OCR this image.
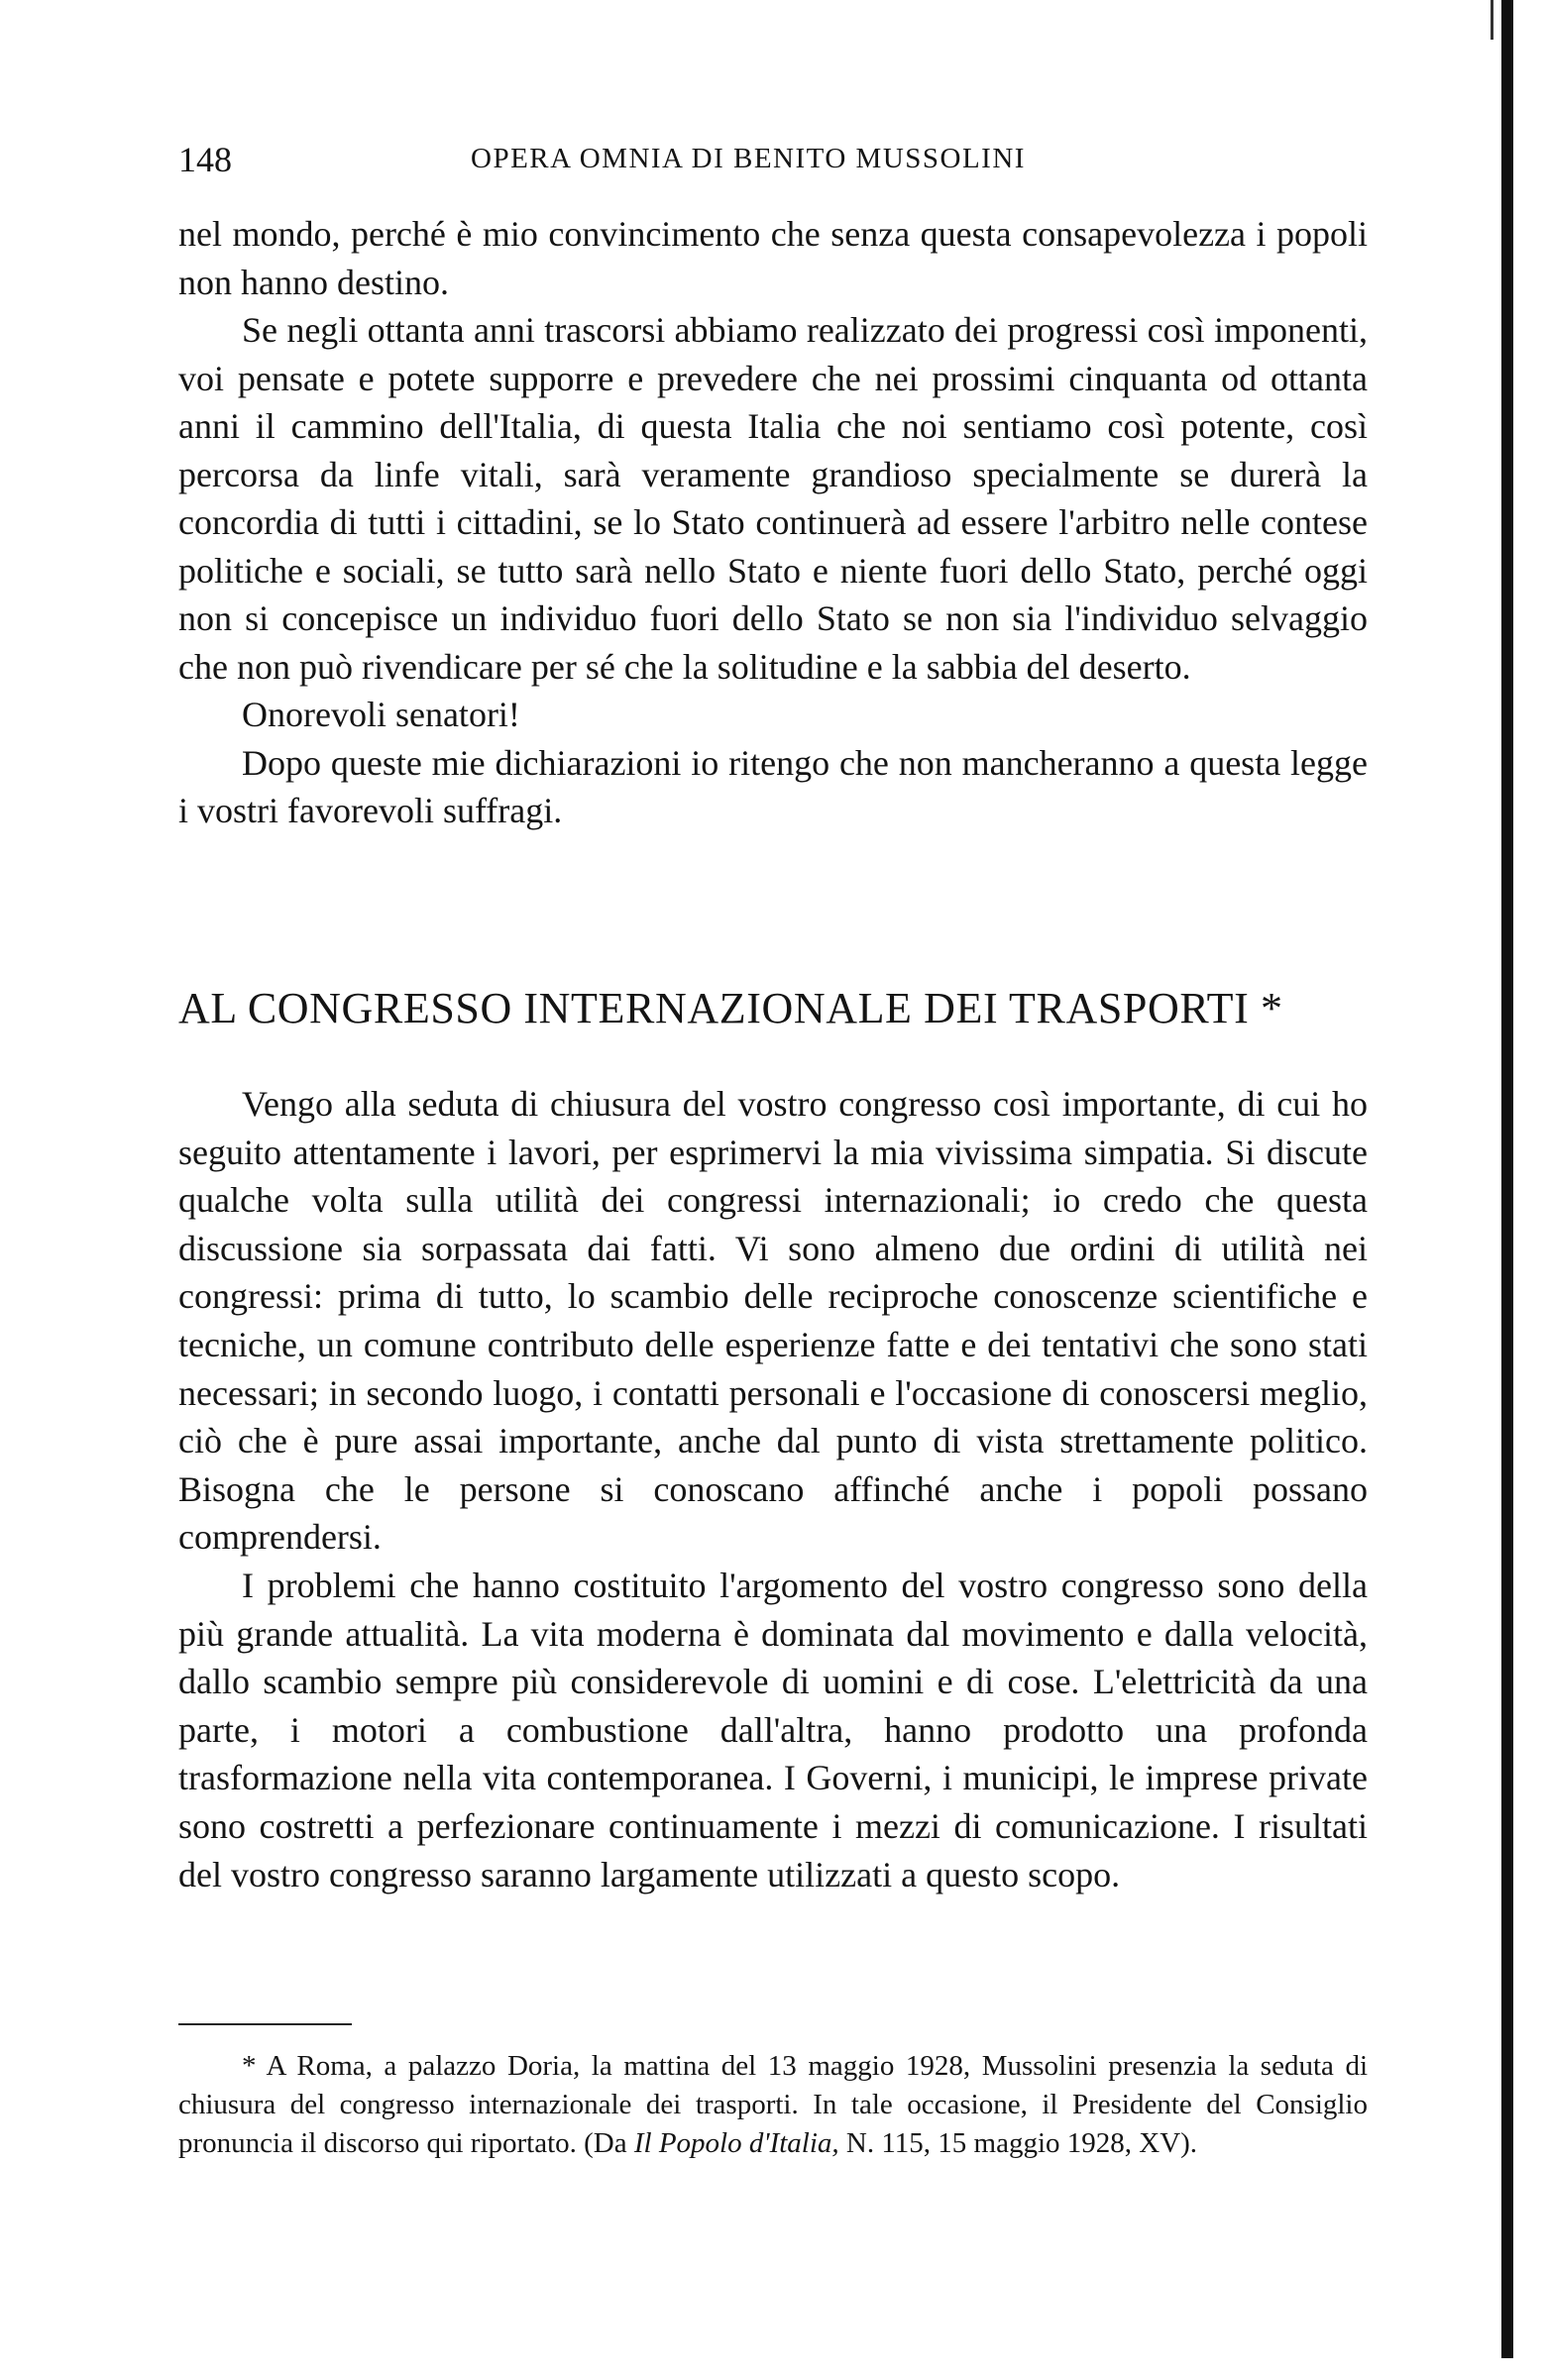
148	OPERA OMNIA DI BENITO MUSSOLINI

nel mondo, perché è mio convincimento che senza questa consapevolezza i popoli non hanno destino.

Se negli ottanta anni trascorsi abbiamo realizzato dei progressi così imponenti, voi pensate e potete supporre e prevedere che nei prossimi cinquanta od ottanta anni il cammino dell'Italia, di questa Italia che noi sentiamo così potente, così percorsa da linfe vitali, sarà veramente grandioso specialmente se durerà la concordia di tutti i cittadini, se lo Stato continuerà ad essere l'arbitro nelle contese politiche e sociali, se tutto sarà nello Stato e niente fuori dello Stato, perché oggi non si concepisce un individuo fuori dello Stato se non sia l'individuo selvaggio che non può rivendicare per sé che la solitudine e la sabbia del deserto.

Onorevoli senatori!

Dopo queste mie dichiarazioni io ritengo che non mancheranno a questa legge i vostri favorevoli suffragi.

AL CONGRESSO INTERNAZIONALE DEI TRASPORTI *

Vengo alla seduta di chiusura del vostro congresso così importante, di cui ho seguito attentamente i lavori, per esprimervi la mia vivissima simpatia. Si discute qualche volta sulla utilità dei congressi internazionali; io credo che questa discussione sia sorpassata dai fatti. Vi sono almeno due ordini di utilità nei congressi: prima di tutto, lo scambio delle reciproche conoscenze scientifiche e tecniche, un comune contributo delle esperienze fatte e dei tentativi che sono stati necessari; in secondo luogo, i contatti personali e l'occasione di conoscersi meglio, ciò che è pure assai importante, anche dal punto di vista strettamente politico. Bisogna che le persone si conoscano affinché anche i popoli possano comprendersi.

I problemi che hanno costituito l'argomento del vostro congresso sono della più grande attualità. La vita moderna è dominata dal movimento e dalla velocità, dallo scambio sempre più considerevole di uomini e di cose. L'elettricità da una parte, i motori a combustione dall'altra, hanno prodotto una profonda trasformazione nella vita contemporanea. I Governi, i municipi, le imprese private sono costretti a perfezionare continuamente i mezzi di comunicazione. I risultati del vostro congresso saranno largamente utilizzati a questo scopo.

* A Roma, a palazzo Doria, la mattina del 13 maggio 1928, Mussolini presenzia la seduta di chiusura del congresso internazionale dei trasporti. In tale occasione, il Presidente del Consiglio pronuncia il discorso qui riportato. (Da Il Popolo d'Italia, N. 115, 15 maggio 1928, XV).
